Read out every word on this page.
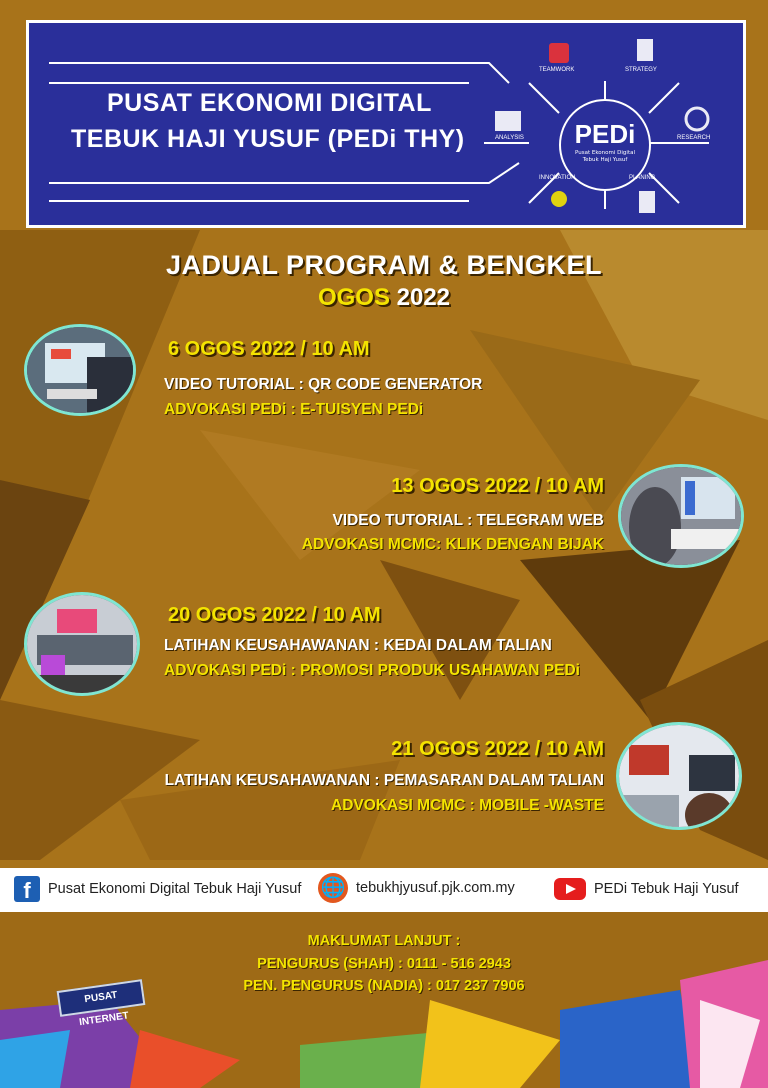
PUSAT EKONOMI DIGITAL
TEBUK HAJI YUSUF (PEDi THY)	PEDi
Pusat Ekonomi Digital
Tebuk Haji Yusuf
TEAMWORK	STRATEGY
ANALYSIS	RESEARCH
INNOVATION	PLANING
JADUAL PROGRAM & BENGKEL
OGOS 2022
6 OGOS 2022 / 10 AM
VIDEO TUTORIAL : QR CODE GENERATOR
ADVOKASI PEDi : E-TUISYEN PEDi
13 OGOS 2022 / 10 AM
VIDEO TUTORIAL : TELEGRAM WEB
ADVOKASI MCMC: KLIK DENGAN BIJAK
20 OGOS 2022 / 10 AM
LATIHAN KEUSAHAWANAN : KEDAI DALAM TALIAN
ADVOKASI PEDi : PROMOSI PRODUK USAHAWAN PEDi
21 OGOS 2022 / 10 AM
LATIHAN KEUSAHAWANAN : PEMASARAN DALAM TALIAN
ADVOKASI MCMC : MOBILE -WASTE
f	Pusat Ekonomi Digital Tebuk Haji Yusuf 🌐 tebukhjyusuf.pjk.com.my	PEDi Tebuk Haji Yusuf
MAKLUMAT LANJUT :
PENGURUS (SHAH) : 0111 - 516 2943
PEN. PENGURUS (NADIA) : 017 237 7906
PUSAT INTERNET
